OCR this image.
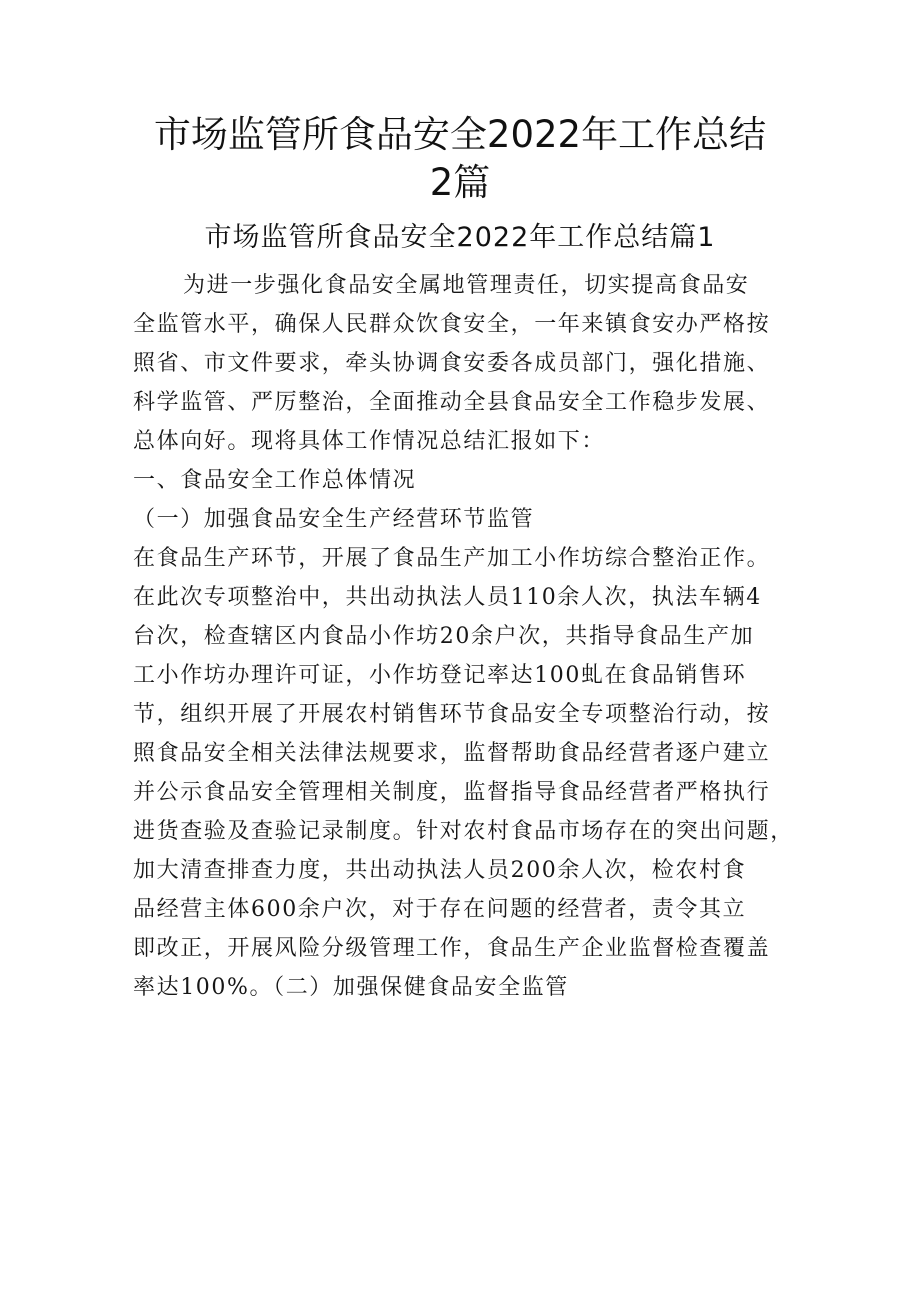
市场监管所食品安全2022年工作总结
2篇
市场监管所食品安全2022年工作总结篇1
为进一步强化食品安全属地管理责任，切实提高食品安
全监管水平，确保人民群众饮食安全，一年来镇食安办严格按
照省、市文件要求，牵头协调食安委各成员部门，强化措施、
科学监管、严厉整治，全面推动全县食品安全工作稳步发展、
总体向好。现将具体工作情况总结汇报如下：
一、食品安全工作总体情况
（一）加强食品安全生产经营环节监管
在食品生产环节，开展了食品生产加工小作坊综合整治正作。
在此次专项整治中，共出动执法人员110余人次，执法车辆4
台次，检查辖区内食品小作坊20余户次，共指导食品生产加
工小作坊办理许可证，小作坊登记率达100虬在食品销售环
节，组织开展了开展农村销售环节食品安全专项整治行动，按
照食品安全相关法律法规要求，监督帮助食品经营者逐户建立
并公示食品安全管理相关制度，监督指导食品经营者严格执行
进货查验及查验记录制度。针对农村食品市场存在的突出问题，
加大清查排查力度，共出动执法人员200余人次，检农村食
品经营主体600余户次，对于存在问题的经营者，责令其立
即改正，开展风险分级管理工作，食品生产企业监督检查覆盖
率达100%。（二）加强保健食品安全监管
